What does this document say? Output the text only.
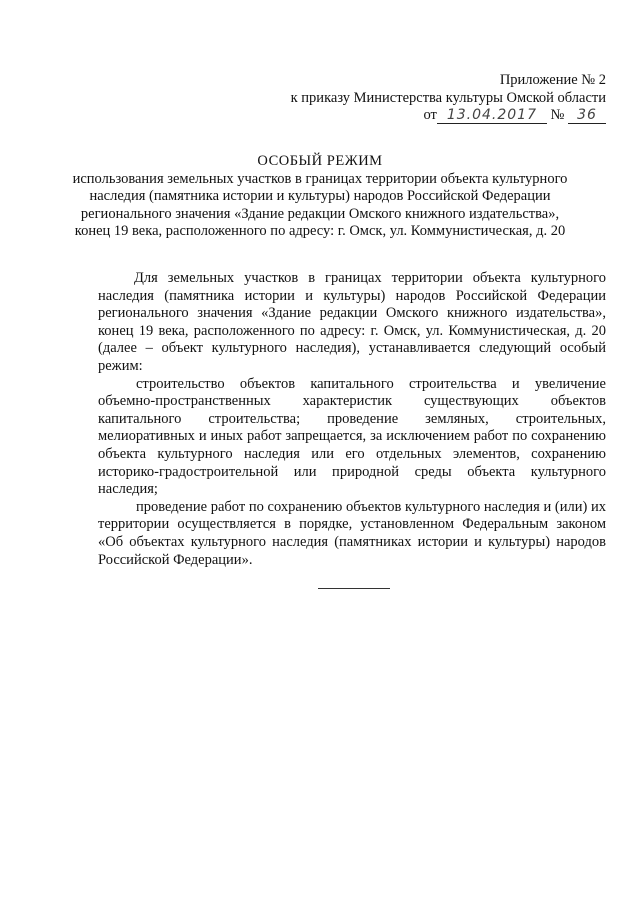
Приложение № 2
к приказу Министерства культуры Омской области
от 13.04.2017 № 36
ОСОБЫЙ РЕЖИМ
использования земельных участков в границах территории объекта культурного наследия (памятника истории и культуры) народов Российской Федерации регионального значения «Здание редакции Омского книжного издательства», конец 19 века, расположенного по адресу: г. Омск, ул. Коммунистическая, д. 20

Для земельных участков в границах территории объекта культурного наследия (памятника истории и культуры) народов Российской Федерации регионального значения «Здание редакции Омского книжного издательства», конец 19 века, расположенного по адресу: г. Омск, ул. Коммунистическая, д. 20 (далее – объект культурного наследия), устанавливается следующий особый режим:

строительство объектов капитального строительства и увеличение объемно-пространственных характеристик существующих объектов капитального строительства; проведение земляных, строительных, мелиоративных и иных работ запрещается, за исключением работ по сохранению объекта культурного наследия или его отдельных элементов, сохранению историко-градостроительной или природной среды объекта культурного наследия;

проведение работ по сохранению объектов культурного наследия и (или) их территории осуществляется в порядке, установленном Федеральным законом «Об объектах культурного наследия (памятниках истории и культуры) народов Российской Федерации».
